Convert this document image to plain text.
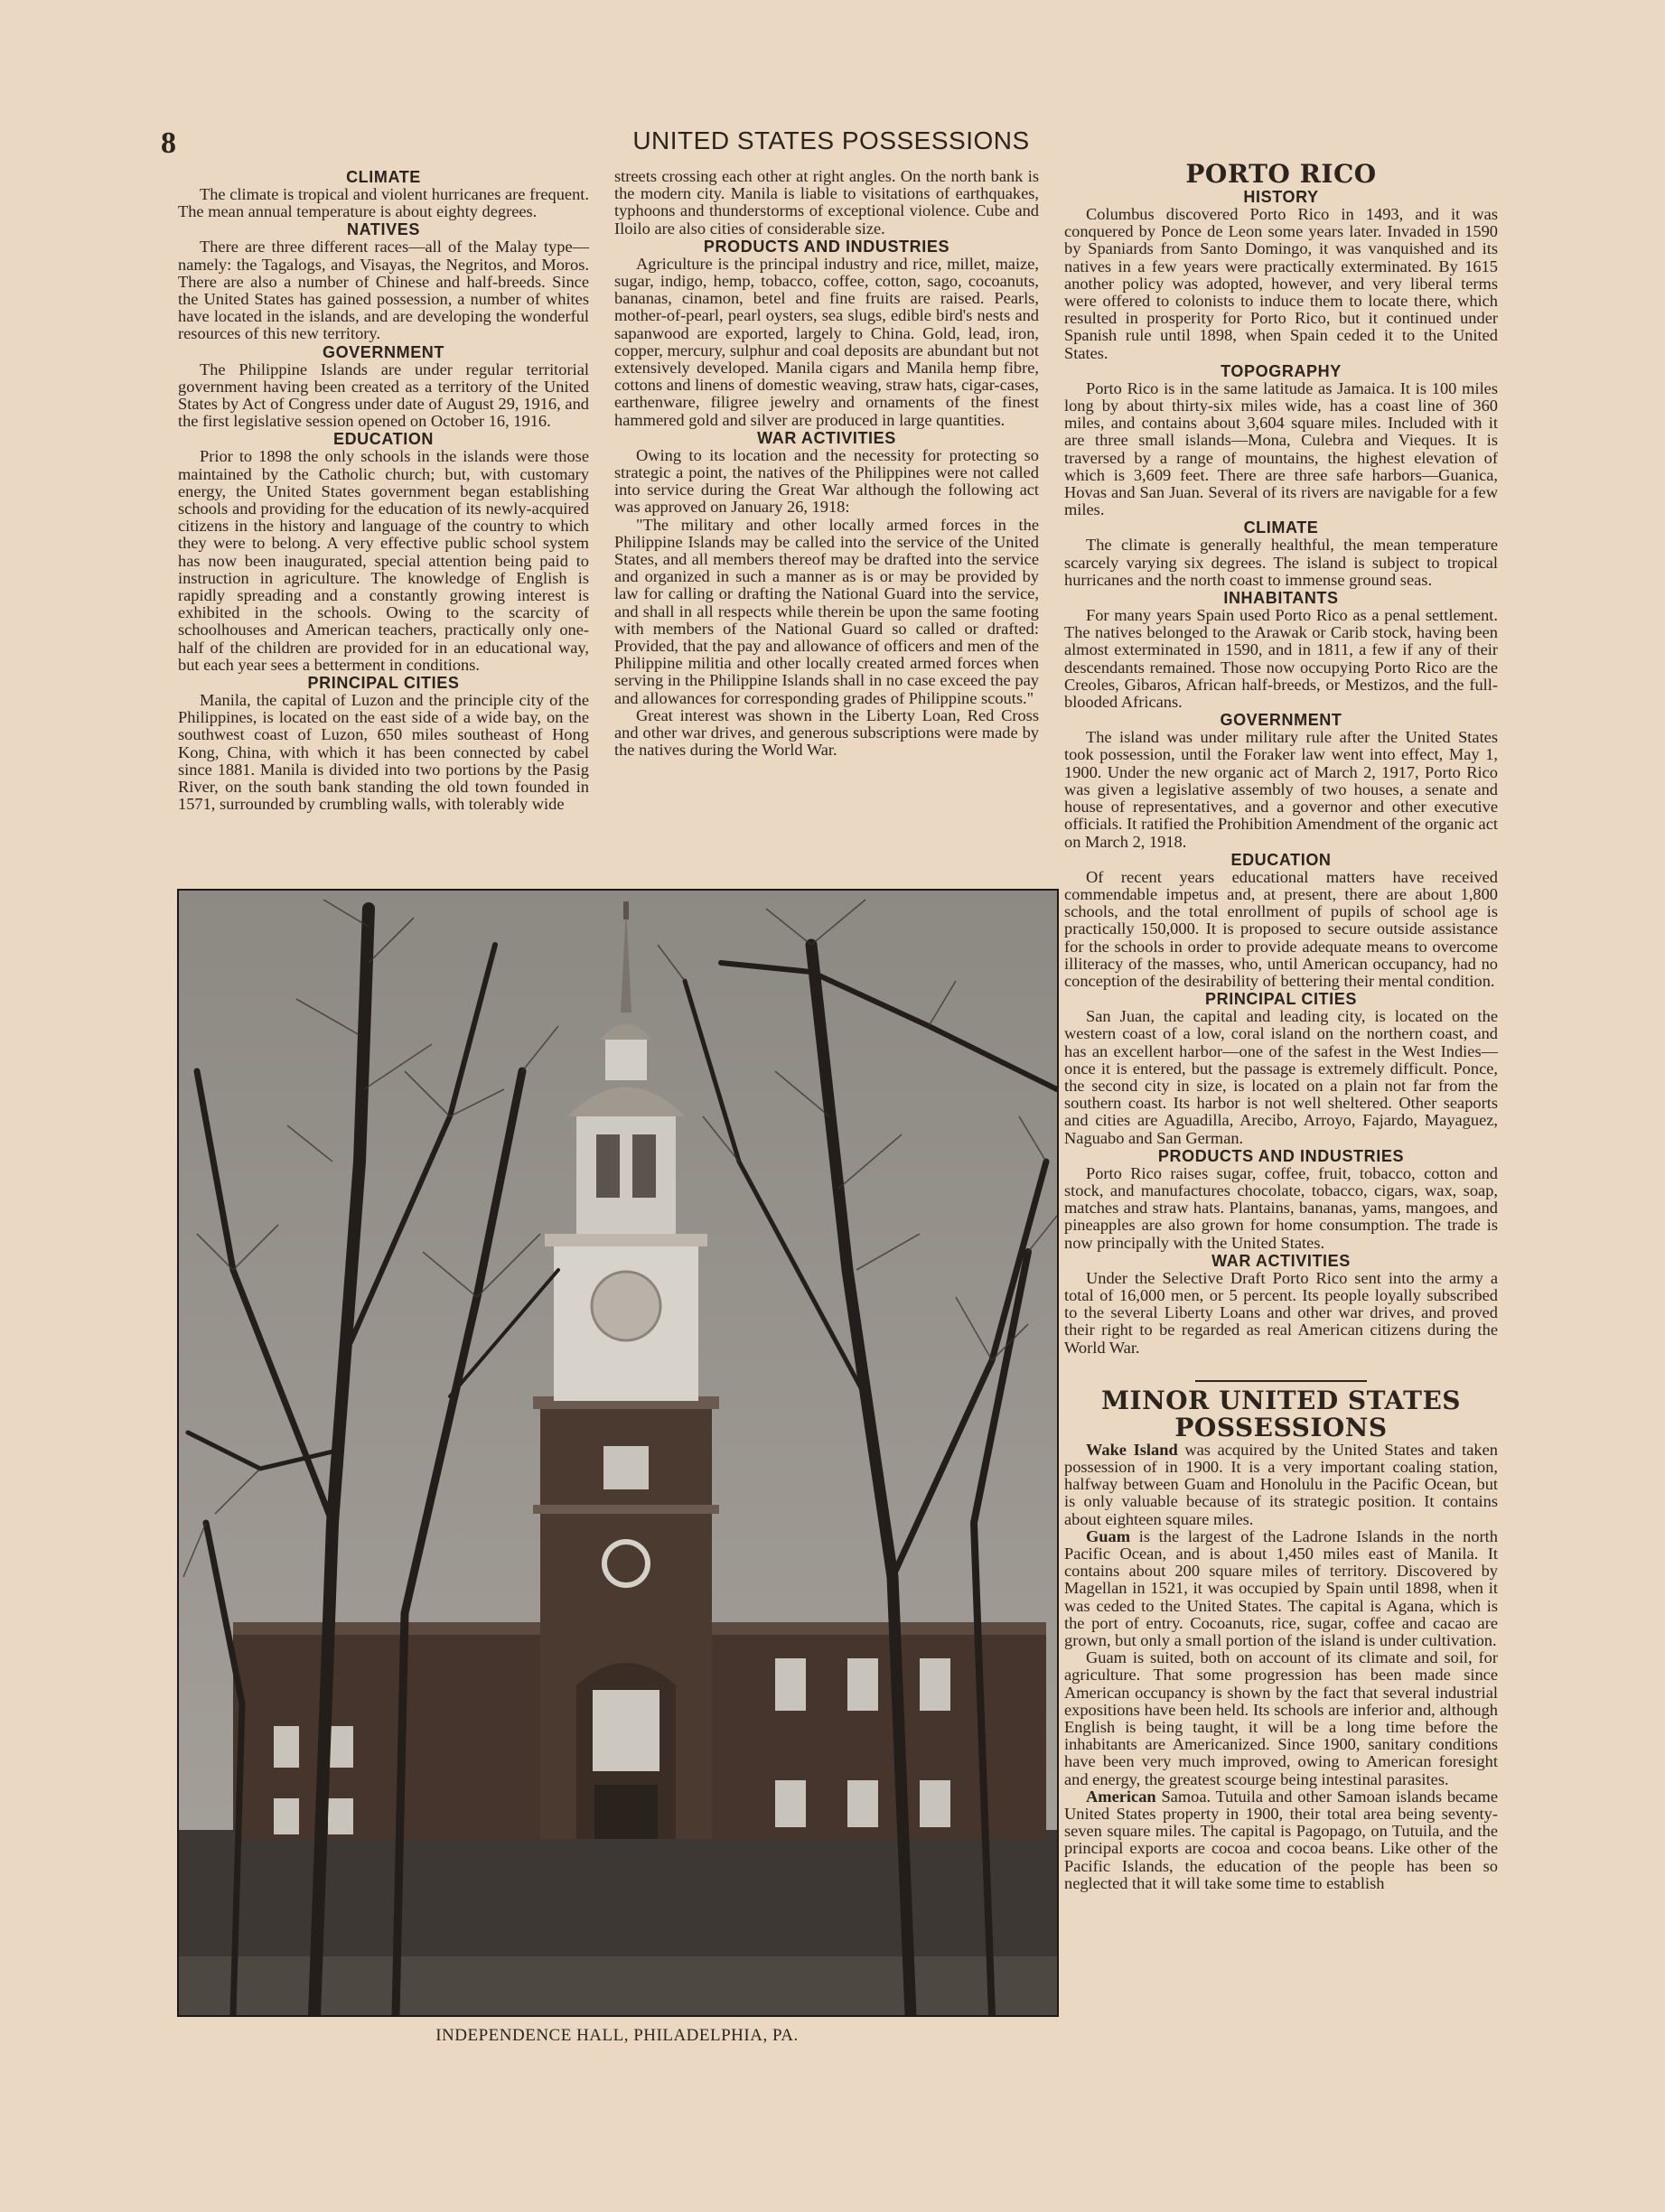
8	UNITED STATES POSSESSIONS
CLIMATE

The climate is tropical and violent hurricanes are frequent. The mean annual temperature is about eighty degrees.

NATIVES

There are three different races—all of the Malay type—namely: the Tagalogs, and Visayas, the Negritos, and Moros. There are also a number of Chinese and half-breeds. Since the United States has gained possession, a number of whites have located in the islands, and are developing the wonderful resources of this new territory.

GOVERNMENT

The Philippine Islands are under regular territorial government having been created as a territory of the United States by Act of Congress under date of August 29, 1916, and the first legislative session opened on October 16, 1916.

EDUCATION

Prior to 1898 the only schools in the islands were those maintained by the Catholic church; but, with customary energy, the United States government began establishing schools and providing for the education of its newly-acquired citizens in the history and language of the country to which they were to belong. A very effective public school system has now been inaugurated, special attention being paid to instruction in agriculture. The knowledge of English is rapidly spreading and a constantly growing interest is exhibited in the schools. Owing to the scarcity of schoolhouses and American teachers, practically only one-half of the children are provided for in an educational way, but each year sees a betterment in conditions.

PRINCIPAL CITIES

Manila, the capital of Luzon and the principle city of the Philippines, is located on the east side of a wide bay, on the southwest coast of Luzon, 650 miles southeast of Hong Kong, China, with which it has been connected by cabel since 1881. Manila is divided into two portions by the Pasig River, on the south bank standing the old town founded in 1571, surrounded by crumbling walls, with tolerably wide

streets crossing each other at right angles. On the north bank is the modern city. Manila is liable to visitations of earthquakes, typhoons and thunderstorms of exceptional violence. Cube and Iloilo are also cities of considerable size.

PRODUCTS AND INDUSTRIES

Agriculture is the principal industry and rice, millet, maize, sugar, indigo, hemp, tobacco, coffee, cotton, sago, cocoanuts, bananas, cinamon, betel and fine fruits are raised. Pearls, mother-of-pearl, pearl oysters, sea slugs, edible bird's nests and sapanwood are exported, largely to China. Gold, lead, iron, copper, mercury, sulphur and coal deposits are abundant but not extensively developed. Manila cigars and Manila hemp fibre, cottons and linens of domestic weaving, straw hats, cigar-cases, earthenware, filigree jewelry and ornaments of the finest hammered gold and silver are produced in large quantities.

WAR ACTIVITIES

Owing to its location and the necessity for protecting so strategic a point, the natives of the Philippines were not called into service during the Great War although the following act was approved on January 26, 1918:

"The military and other locally armed forces in the Philippine Islands may be called into the service of the United States, and all members thereof may be drafted into the service and organized in such a manner as is or may be provided by law for calling or drafting the National Guard into the service, and shall in all respects while therein be upon the same footing with members of the National Guard so called or drafted: Provided, that the pay and allowance of officers and men of the Philippine militia and other locally created armed forces when serving in the Philippine Islands shall in no case exceed the pay and allowances for corresponding grades of Philippine scouts."

Great interest was shown in the Liberty Loan, Red Cross and other war drives, and generous subscriptions were made by the natives during the World War.

PORTO RICO
HISTORY

Columbus discovered Porto Rico in 1493, and it was conquered by Ponce de Leon some years later. Invaded in 1590 by Spaniards from Santo Domingo, it was vanquished and its natives in a few years were practically exterminated. By 1615 another policy was adopted, however, and very liberal terms were offered to colonists to induce them to locate there, which resulted in prosperity for Porto Rico, but it continued under Spanish rule until 1898, when Spain ceded it to the United States.

TOPOGRAPHY

Porto Rico is in the same latitude as Jamaica. It is 100 miles long by about thirty-six miles wide, has a coast line of 360 miles, and contains about 3,604 square miles. Included with it are three small islands—Mona, Culebra and Vieques. It is traversed by a range of mountains, the highest elevation of which is 3,609 feet. There are three safe harbors—Guanica, Hovas and San Juan. Several of its rivers are navigable for a few miles.

CLIMATE

The climate is generally healthful, the mean temperature scarcely varying six degrees. The island is subject to tropical hurricanes and the north coast to immense ground seas.

INHABITANTS

For many years Spain used Porto Rico as a penal settlement. The natives belonged to the Arawak or Carib stock, having been almost exterminated in 1590, and in 1811, a few if any of their descendants remained. Those now occupying Porto Rico are the Creoles, Gibaros, African half-breeds, or Mestizos, and the full-blooded Africans.

GOVERNMENT

The island was under military rule after the United States took possession, until the Foraker law went into effect, May 1, 1900. Under the new organic act of March 2, 1917, Porto Rico was given a legislative assembly of two houses, a senate and house of representatives, and a governor and other executive officials. It ratified the Prohibition Amendment of the organic act on March 2, 1918.

EDUCATION

Of recent years educational matters have received commendable impetus and, at present, there are about 1,800 schools, and the total enrollment of pupils of school age is practically 150,000. It is proposed to secure outside assistance for the schools in order to provide adequate means to overcome illiteracy of the masses, who, until American occupancy, had no conception of the desirability of bettering their mental condition.

PRINCIPAL CITIES

San Juan, the capital and leading city, is located on the western coast of a low, coral island on the northern coast, and has an excellent harbor—one of the safest in the West Indies—once it is entered, but the passage is extremely difficult. Ponce, the second city in size, is located on a plain not far from the southern coast. Its harbor is not well sheltered. Other seaports and cities are Aguadilla, Arecibo, Arroyo, Fajardo, Mayaguez, Naguabo and San German.

PRODUCTS AND INDUSTRIES

Porto Rico raises sugar, coffee, fruit, tobacco, cotton and stock, and manufactures chocolate, tobacco, cigars, wax, soap, matches and straw hats. Plantains, bananas, yams, mangoes, and pineapples are also grown for home consumption. The trade is now principally with the United States.

WAR ACTIVITIES

Under the Selective Draft Porto Rico sent into the army a total of 16,000 men, or 5 percent. Its people loyally subscribed to the several Liberty Loans and other war drives, and proved their right to be regarded as real American citizens during the World War.

MINOR UNITED STATES
POSSESSIONS

Wake Island was acquired by the United States and taken possession of in 1900. It is a very important coaling station, halfway between Guam and Honolulu in the Pacific Ocean, but is only valuable because of its strategic position. It contains about eighteen square miles.

Guam is the largest of the Ladrone Islands in the north Pacific Ocean, and is about 1,450 miles east of Manila. It contains about 200 square miles of territory. Discovered by Magellan in 1521, it was occupied by Spain until 1898, when it was ceded to the United States. The capital is Agana, which is the port of entry. Cocoanuts, rice, sugar, coffee and cacao are grown, but only a small portion of the island is under cultivation.

Guam is suited, both on account of its climate and soil, for agriculture. That some progression has been made since American occupancy is shown by the fact that several industrial expositions have been held. Its schools are inferior and, although English is being taught, it will be a long time before the inhabitants are Americanized. Since 1900, sanitary conditions have been very much improved, owing to American foresight and energy, the greatest scourge being intestinal parasites.

American Samoa. Tutuila and other Samoan islands became United States property in 1900, their total area being seventy-seven square miles. The capital is Pagopago, on Tutuila, and the principal exports are cocoa and cocoa beans. Like other of the Pacific Islands, the education of the people has been so neglected that it will take some time to establish

INDEPENDENCE HALL, PHILADELPHIA, PA.
